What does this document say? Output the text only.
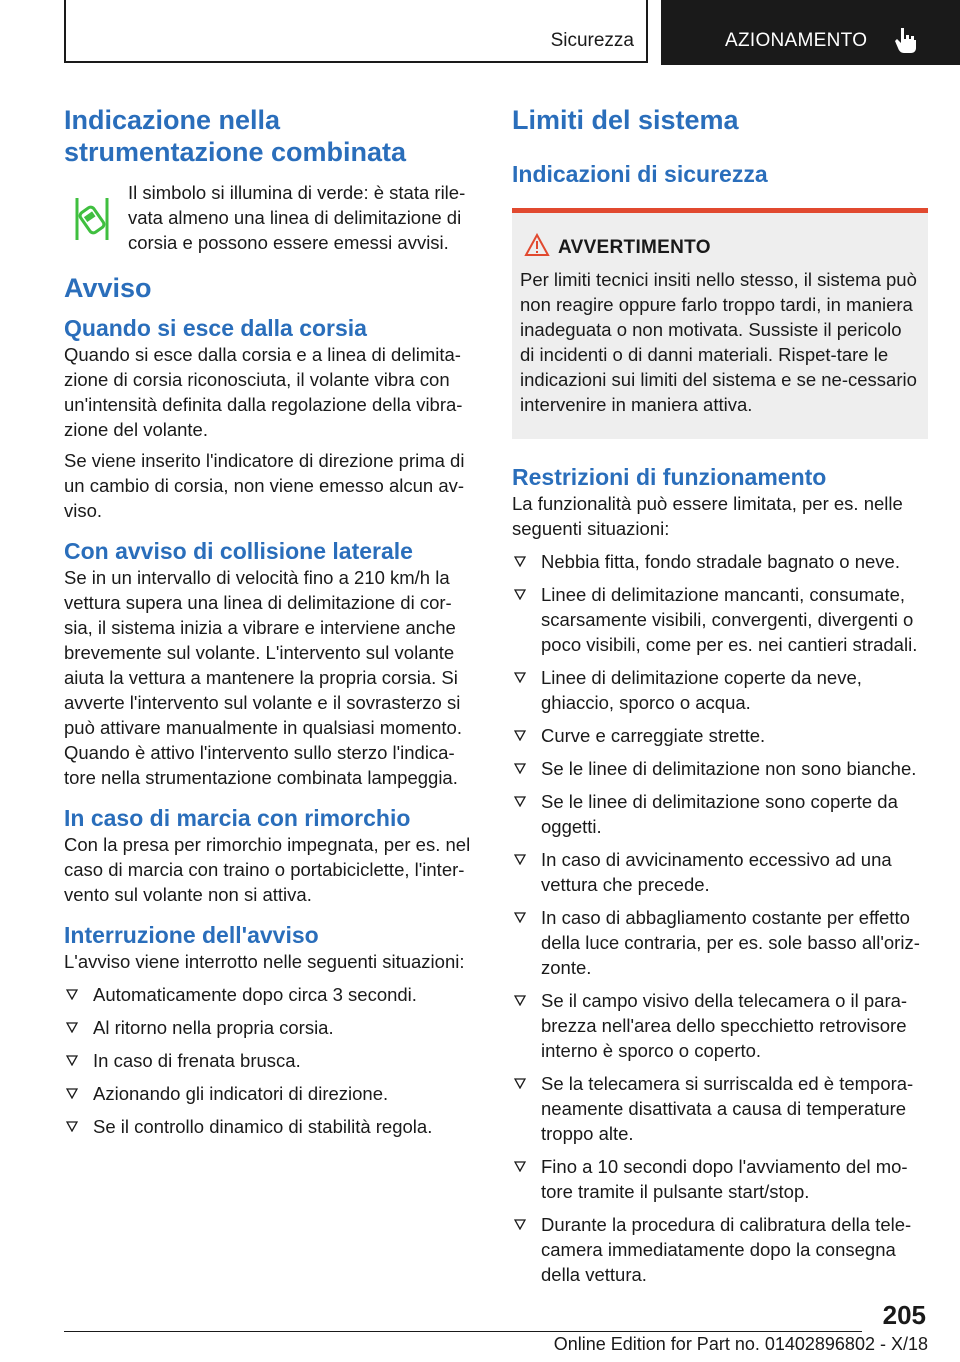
Sicurezza	AZIONAMENTO
Indicazione nella strumentazione combinata

Il simbolo si illumina di verde: è stata rile-vata almeno una linea di delimitazione di corsia e possono essere emessi avvisi.

Avviso
Quando si esce dalla corsia

Quando si esce dalla corsia e a linea di delimita-zione di corsia riconosciuta, il volante vibra con un'intensità definita dalla regolazione della vibra-zione del volante.

Se viene inserito l'indicatore di direzione prima di un cambio di corsia, non viene emesso alcun av-viso.

Con avviso di collisione laterale

Se in un intervallo di velocità fino a 210 km/h la vettura supera una linea di delimitazione di cor-sia, il sistema inizia a vibrare e interviene anche brevemente sul volante. L'intervento sul volante aiuta la vettura a mantenere la propria corsia. Si avverte l'intervento sul volante e il sovrasterzo si può attivare manualmente in qualsiasi momento. Quando è attivo l'intervento sullo sterzo l'indica-tore nella strumentazione combinata lampeggia.

In caso di marcia con rimorchio

Con la presa per rimorchio impegnata, per es. nel caso di marcia con traino o portabiciclette, l'inter-vento sul volante non si attiva.

Interruzione dell'avviso

L'avviso viene interrotto nelle seguenti situazioni:

Automaticamente dopo circa 3 secondi.
Al ritorno nella propria corsia.
In caso di frenata brusca.
Azionando gli indicatori di direzione.
Se il controllo dinamico di stabilità regola.
Limiti del sistema
Indicazioni di sicurezza

AVVERTIMENTO

Per limiti tecnici insiti nello stesso, il sistema può non reagire oppure farlo troppo tardi, in maniera inadeguata o non motivata. Sussiste il pericolo di incidenti o di danni materiali. Rispet-tare le indicazioni sui limiti del sistema e se ne-cessario intervenire in maniera attiva.

Restrizioni di funzionamento

La funzionalità può essere limitata, per es. nelle seguenti situazioni:

Nebbia fitta, fondo stradale bagnato o neve.
Linee di delimitazione mancanti, consumate, scarsamente visibili, convergenti, divergenti o poco visibili, come per es. nei cantieri stradali.
Linee di delimitazione coperte da neve, ghiaccio, sporco o acqua.
Curve e carreggiate strette.
Se le linee di delimitazione non sono bianche.
Se le linee di delimitazione sono coperte da oggetti.
In caso di avvicinamento eccessivo ad una vettura che precede.
In caso di abbagliamento costante per effetto della luce contraria, per es. sole basso all'oriz-zonte.
Se il campo visivo della telecamera o il para-brezza nell'area dello specchietto retrovisore interno è sporco o coperto.
Se la telecamera si surriscalda ed è tempora-neamente disattivata a causa di temperature troppo alte.
Fino a 10 secondi dopo l'avviamento del mo-tore tramite il pulsante start/stop.
Durante la procedura di calibratura della tele-camera immediatamente dopo la consegna della vettura.
205
Online Edition for Part no. 01402896802 - X/18
